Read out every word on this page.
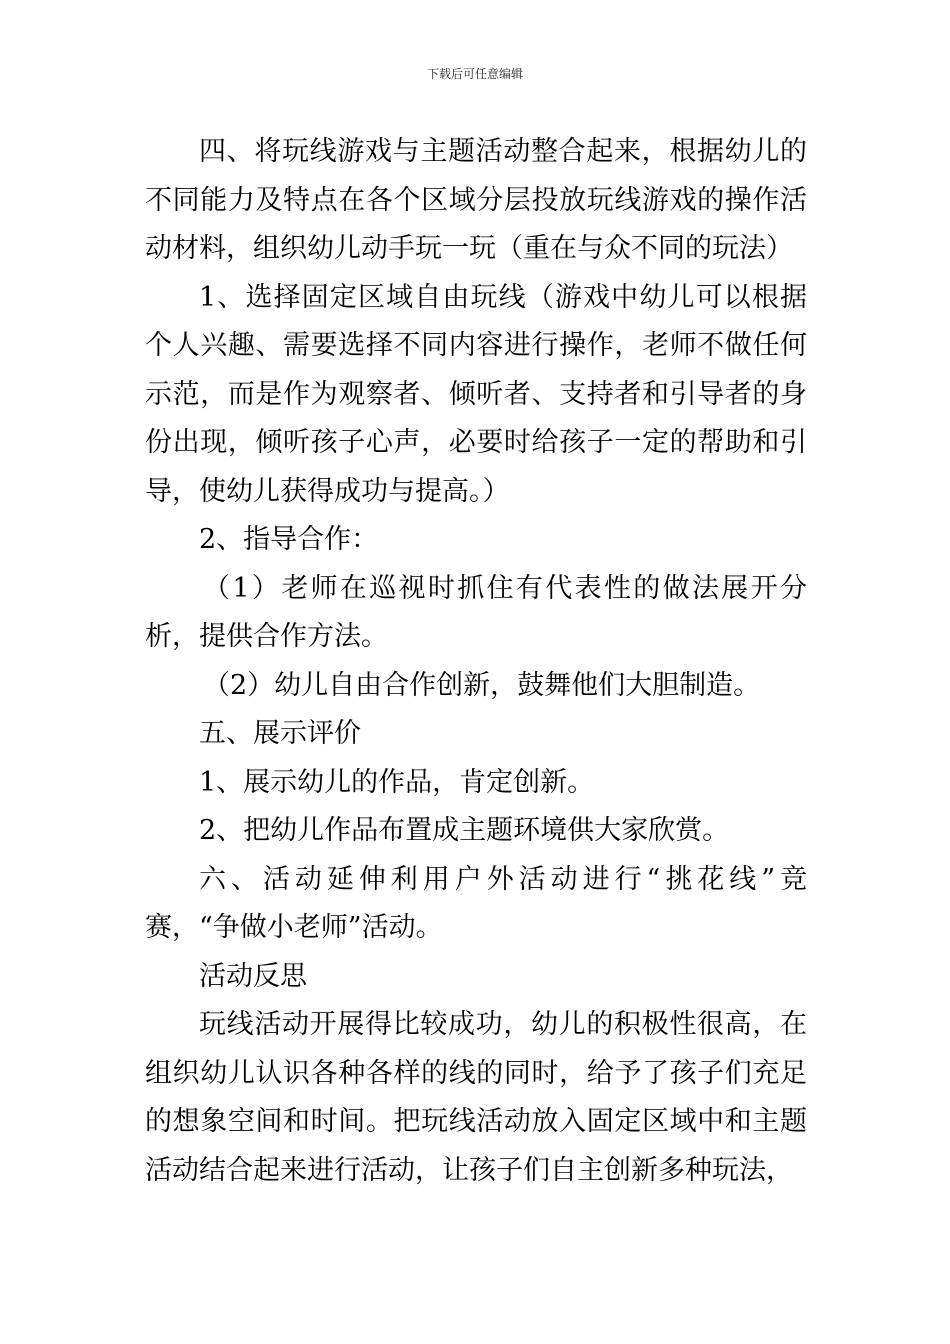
下载后可任意编辑

四、将玩线游戏与主题活动整合起来，根据幼儿的不同能力及特点在各个区域分层投放玩线游戏的操作活动材料，组织幼儿动手玩一玩（重在与众不同的玩法）

1、选择固定区域自由玩线（游戏中幼儿可以根据个人兴趣、需要选择不同内容进行操作，老师不做任何示范，而是作为观察者、倾听者、支持者和引导者的身份出现，倾听孩子心声，必要时给孩子一定的帮助和引导，使幼儿获得成功与提高。）

2、指导合作：

（1）老师在巡视时抓住有代表性的做法展开分析，提供合作方法。

（2）幼儿自由合作创新，鼓舞他们大胆制造。

五、展示评价

1、展示幼儿的作品，肯定创新。

2、把幼儿作品布置成主题环境供大家欣赏。

六、活动延伸利用户外活动进行“挑花线”竞赛，“争做小老师”活动。

活动反思

玩线活动开展得比较成功，幼儿的积极性很高，在组织幼儿认识各种各样的线的同时，给予了孩子们充足的想象空间和时间。把玩线活动放入固定区域中和主题活动结合起来进行活动，让孩子们自主创新多种玩法，
